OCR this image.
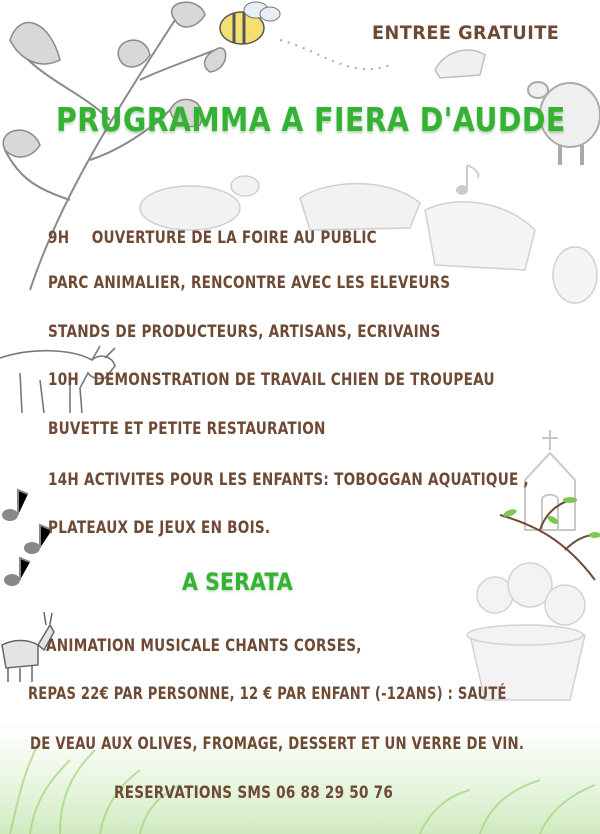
ENTREE GRATUITE

PRUGRAMMA A FIERA D'AUDDE

9H OUVERTURE DE LA FOIRE AU PUBLIC

PARC ANIMALIER, RENCONTRE AVEC LES ELEVEURS

STANDS DE PRODUCTEURS, ARTISANS, ECRIVAINS

10H DEMONSTRATION DE TRAVAIL CHIEN DE TROUPEAU

BUVETTE ET PETITE RESTAURATION

14H ACTIVITES POUR LES ENFANTS: TOBOGGAN AQUATIQUE ,

PLATEAUX DE JEUX EN BOIS.

A SERATA

ANIMATION MUSICALE CHANTS CORSES,

REPAS 22€ PAR PERSONNE, 12 € PAR ENFANT (-12ANS) : SAUTÉ

DE VEAU AUX OLIVES, FROMAGE, DESSERT ET UN VERRE DE VIN.

RESERVATIONS SMS 06 88 29 50 76
